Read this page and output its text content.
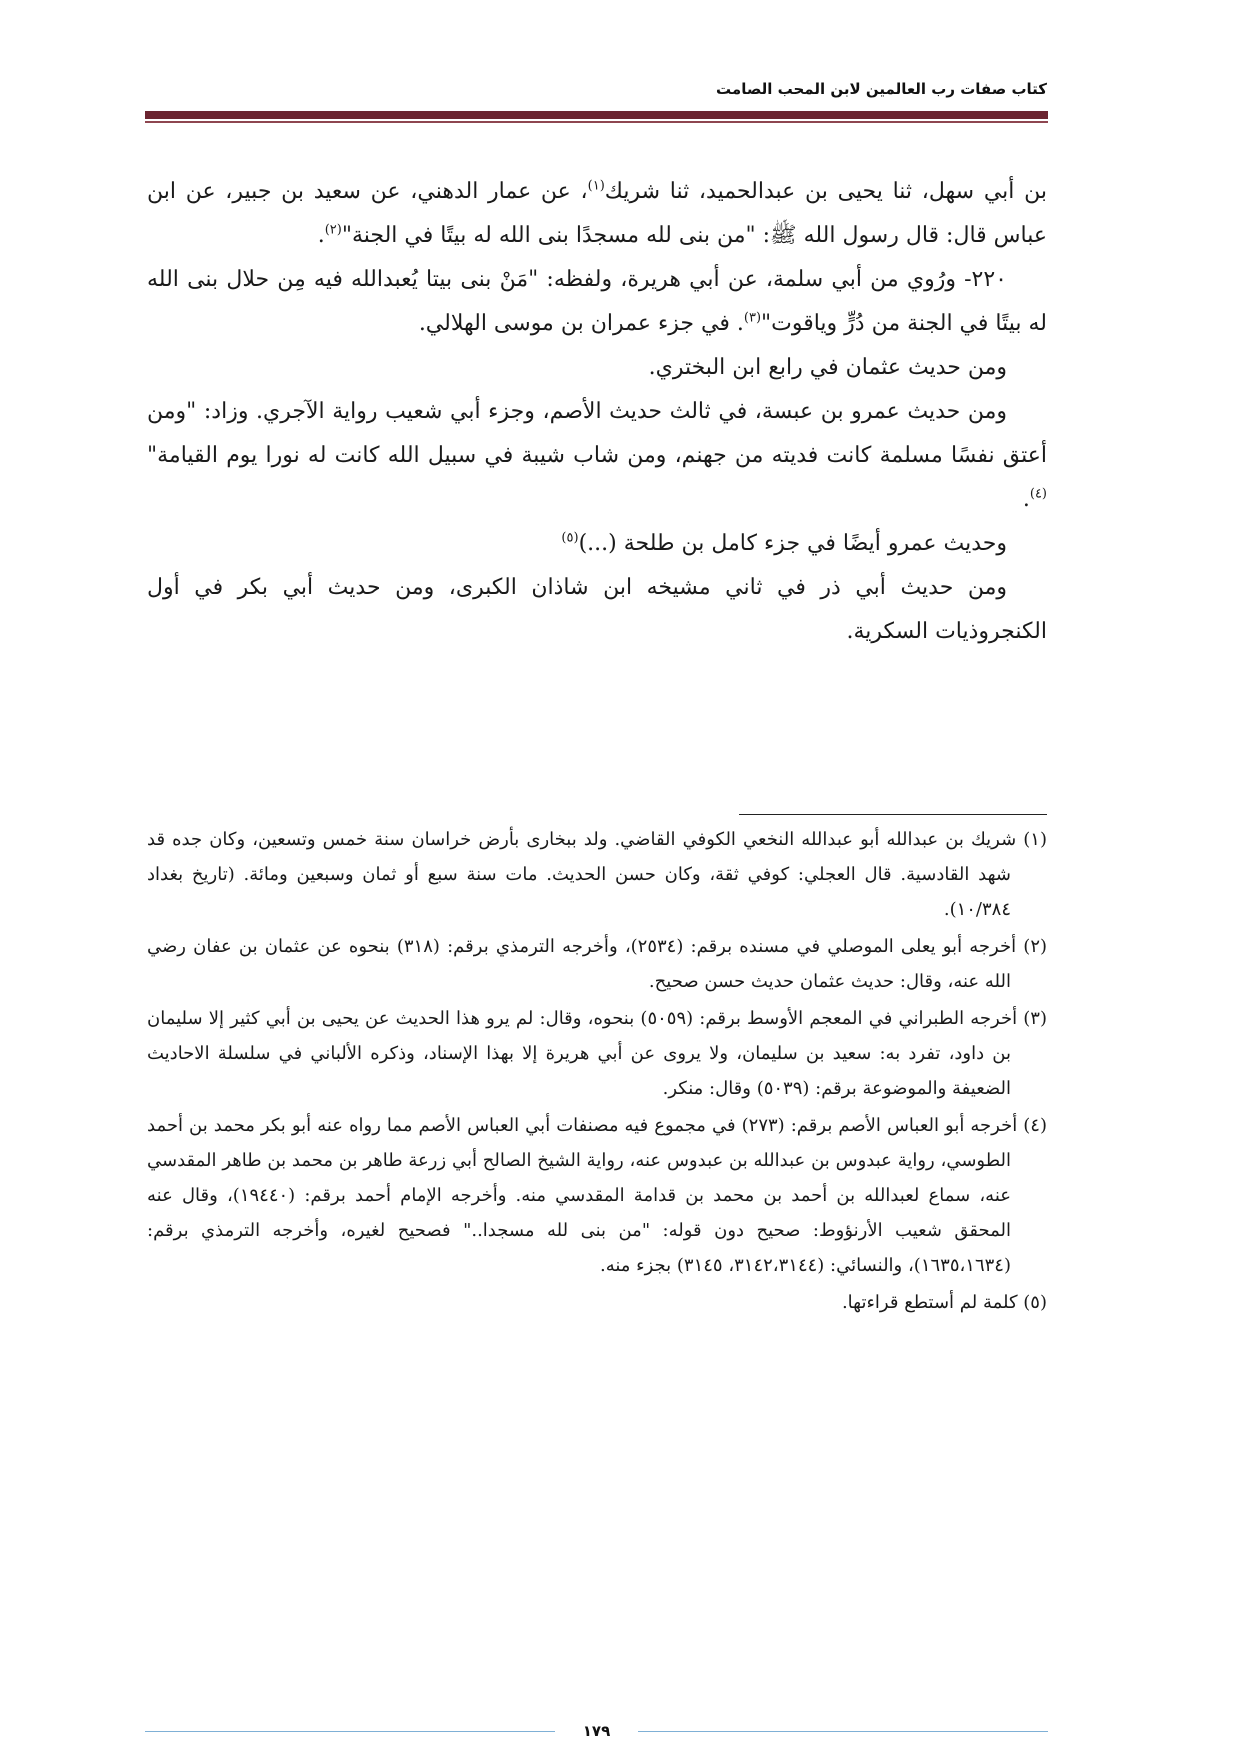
كتاب صفات رب العالمين لابن المحب الصامت

بن أبي سهل، ثنا يحيى بن عبدالحميد، ثنا شريك$^{(١)}$، عن عمار الدهني، عن سعيد بن جبير، عن ابن عباس قال: قال رسول الله ﷺ: "من بنى لله مسجدًا بنى الله له بيتًا في الجنة"$^{(٢)}$.

٢٢٠- ورُوي من أبي سلمة، عن أبي هريرة، ولفظه: "مَنْ بنى بيتا يُعبدالله فيه مِن حلال بنى الله له بيتًا في الجنة من دُرٍّ وياقوت"$^{(٣)}$. في جزء عمران بن موسى الهلالي.

ومن حديث عثمان في رابع ابن البختري.

ومن حديث عمرو بن عبسة، في ثالث حديث الأصم، وجزء أبي شعيب رواية الآجري. وزاد: "ومن أعتق نفسًا مسلمة كانت فديته من جهنم، ومن شاب شيبة في سبيل الله كانت له نورا يوم القيامة"$^{(٤)}$.

وحديث عمرو أيضًا في جزء كامل بن طلحة (...)$^{(٥)}$

ومن حديث أبي ذر في ثاني مشيخه ابن شاذان الكبرى، ومن حديث أبي بكر في أول الكنجروذيات السكرية.

(١) شريك بن عبدالله أبو عبدالله النخعي الكوفي القاضي. ولد ببخارى بأرض خراسان سنة خمس وتسعين، وكان جده قد شهد القادسية. قال العجلي: كوفي ثقة، وكان حسن الحديث. مات سنة سبع أو ثمان وسبعين ومائة. (تاريخ بغداد ١٠/٣٨٤).

(٢) أخرجه أبو يعلى الموصلي في مسنده برقم: (٢٥٣٤)، وأخرجه الترمذي برقم: (٣١٨) بنحوه عن عثمان بن عفان رضي الله عنه، وقال: حديث عثمان حديث حسن صحيح.

(٣) أخرجه الطبراني في المعجم الأوسط برقم: (٥٠٥٩) بنحوه، وقال: لم يرو هذا الحديث عن يحيى بن أبي كثير إلا سليمان بن داود، تفرد به: سعيد بن سليمان، ولا يروى عن أبي هريرة إلا بهذا الإسناد، وذكره الألباني في سلسلة الاحاديث الضعيفة والموضوعة برقم: (٥٠٣٩) وقال: منكر.

(٤) أخرجه أبو العباس الأصم برقم: (٢٧٣) في مجموع فيه مصنفات أبي العباس الأصم مما رواه عنه أبو بكر محمد بن أحمد الطوسي، رواية عبدوس بن عبدالله بن عبدوس عنه، رواية الشيخ الصالح أبي زرعة طاهر بن محمد بن طاهر المقدسي عنه، سماع لعبدالله بن أحمد بن محمد بن قدامة المقدسي منه. وأخرجه الإمام أحمد برقم: (١٩٤٤٠)، وقال عنه المحقق شعيب الأرنؤوط: صحيح دون قوله: "من بنى لله مسجدا.." فصحيح لغيره، وأخرجه الترمذي برقم: (١٦٣٥،١٦٣٤)، والنسائي: (٣١٤٢،٣١٤٤، ٣١٤٥) بجزء منه.

(٥) كلمة لم أستطع قراءتها.

١٧٩
